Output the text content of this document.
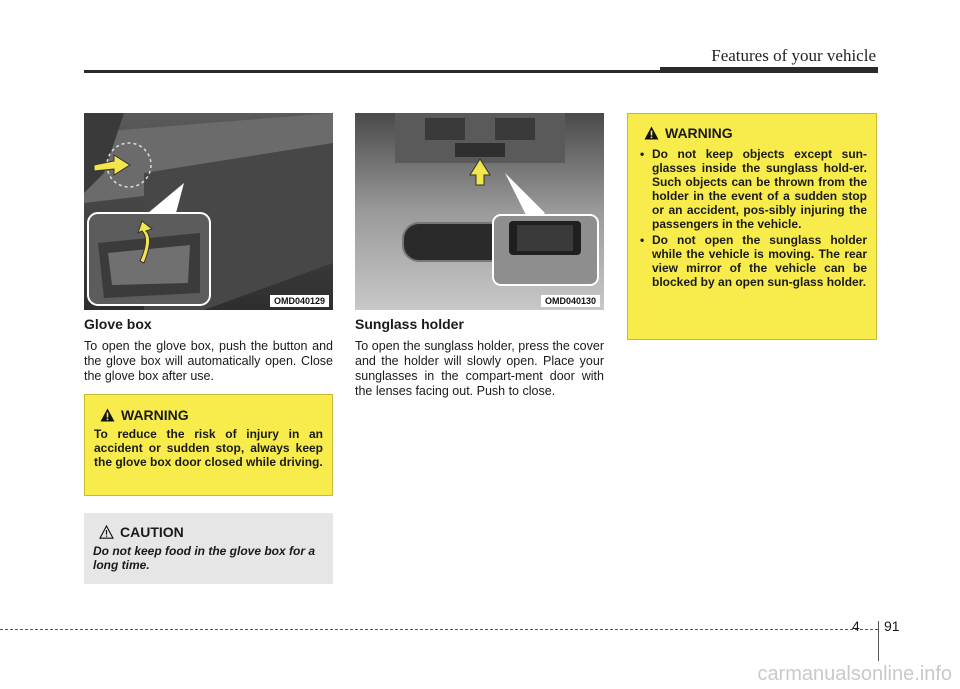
Features of your vehicle
OMD040129
Glove box

To open the glove box, push the button and the glove box will automatically open. Close the glove box after use.

WARNING

To reduce the risk of injury in an accident or sudden stop, always keep the glove box door closed while driving.

CAUTION

Do not keep food in the glove box for a long time.

OMD040130
Sunglass holder

To open the sunglass holder, press the cover and the holder will slowly open. Place your sunglasses in the compart-ment door with the lenses facing out. Push to close.

WARNING
• Do not keep objects except sun-glasses inside the sunglass hold-er. Such objects can be thrown from the holder in the event of a sudden stop or an accident, pos-sibly injuring the passengers in the vehicle.
• Do not open the sunglass holder while the vehicle is moving. The rear view mirror of the vehicle can be blocked by an open sun-glass holder.
4 91
carmanualsonline.info
